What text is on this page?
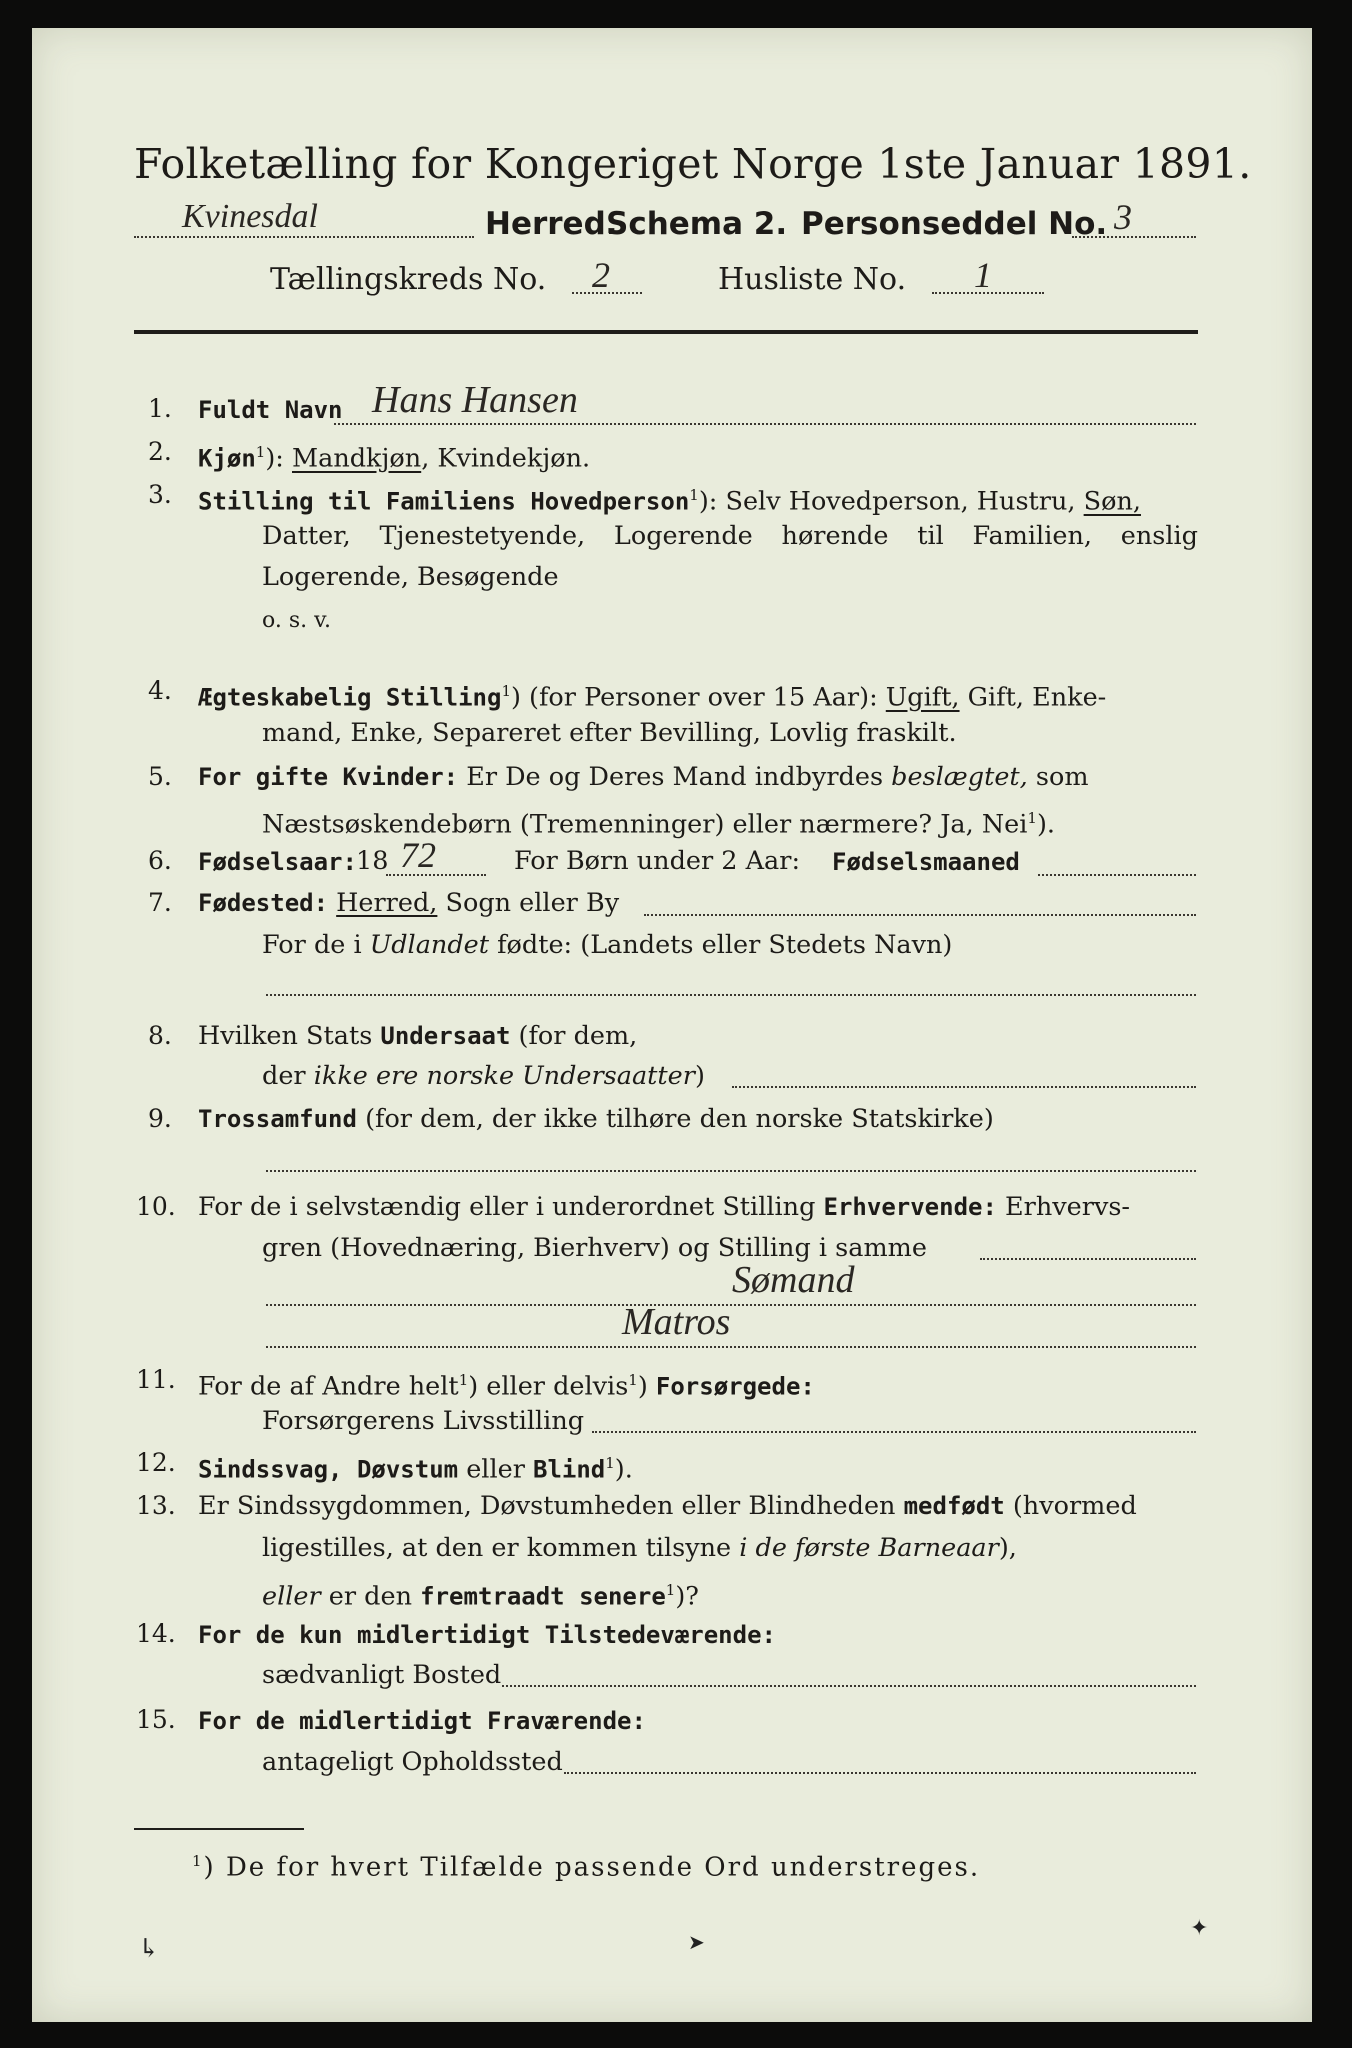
Folketælling for Kongeriget Norge 1ste Januar 1891.
Kvinesdal	Herred.
Schema 2. Personseddel No. 3
Tællingskreds No. 2	Husliste No. 1
1. Fuldt Navn Hans Hansen
2. Kjøn$^1$): Mandkjøn, Kvindekjøn.
3. Stilling til Familiens Hovedperson$^1$): Selv Hovedperson, Hustru, Søn,
Datter, Tjenestetyende, Logerende hørende til Familien, enslig
Logerende, Besøgende
o. s. v.
4. Ægteskabelig Stilling$^1$) (for Personer over 15 Aar): Ugift, Gift, Enke-
mand, Enke, Separeret efter Bevilling, Lovlig fraskilt.
5. For gifte Kvinder: Er De og Deres Mand indbyrdes beslægtet, som
Næstsøskendebørn (Tremenninger) eller nærmere? Ja, Nei$^1$).
6. Fødselsaar: 18 72	For Børn under 2 Aar: Fødselsmaaned
7. Fødested: Herred, Sogn eller By
For de i Udlandet fødte: (Landets eller Stedets Navn)
8. Hvilken Stats Undersaat (for dem,
der ikke ere norske Undersaatter)
9. Trossamfund (for dem, der ikke tilhøre den norske Statskirke)
10. For de i selvstændig eller i underordnet Stilling Erhvervende: Erhvervs-
gren (Hovednæring, Bierhverv) og Stilling i samme
Sømand
Matros
11. For de af Andre helt$^1$) eller delvis$^1$) Forsørgede:
Forsørgerens Livsstilling
12. Sindssvag, Døvstum eller Blind$^1$).
13. Er Sindssygdommen, Døvstumheden eller Blindheden medfødt (hvormed
ligestilles, at den er kommen tilsyne i de første Barneaar),
eller er den fremtraadt senere$^1$)?
14. For de kun midlertidigt Tilstedeværende:
sædvanligt Bosted
15. For de midlertidigt Fraværende:
antageligt Opholdssted
$^1$) De for hvert Tilfælde passende Ord understreges.
↳	➤
✦
